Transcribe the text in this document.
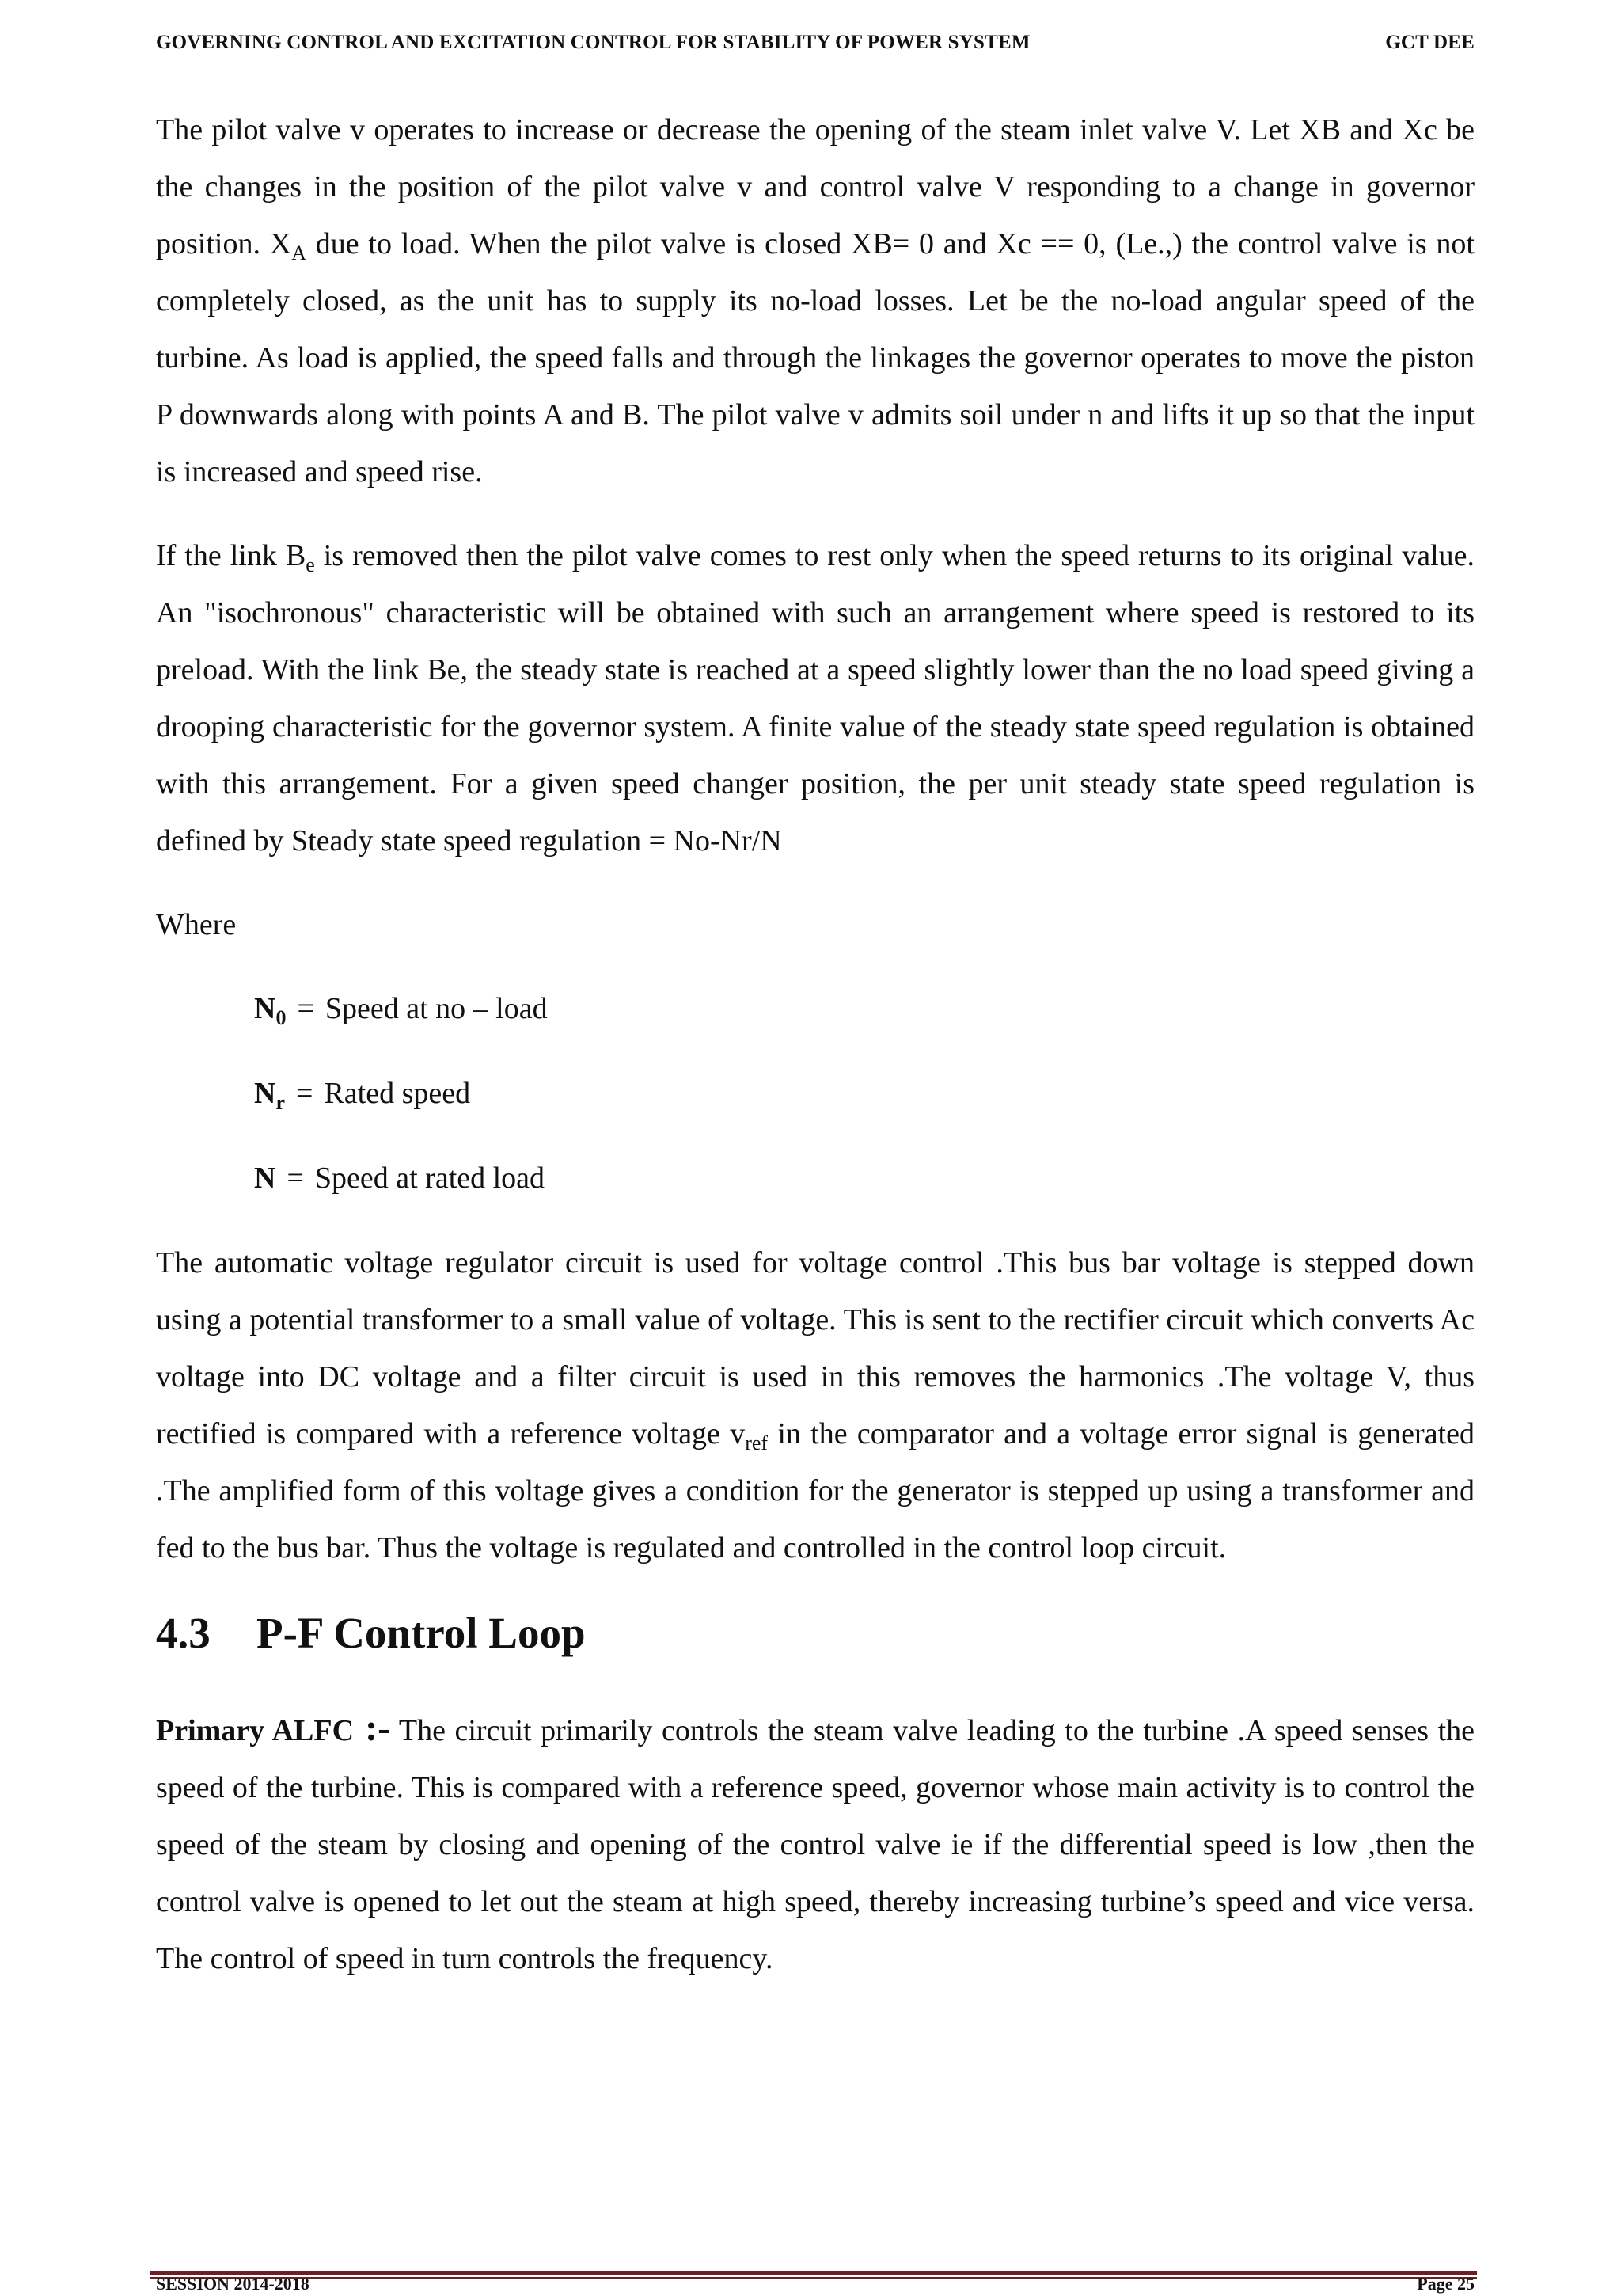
GOVERNING CONTROL AND EXCITATION CONTROL FOR STABILITY OF POWER SYSTEM	GCT DEE

The pilot valve v operates to increase or decrease the opening of the steam inlet valve V. Let XB and Xc be the changes in the position of the pilot valve v and control valve V responding to a change in governor position. $X_A$ due to load. When the pilot valve is closed XB= 0 and Xc == 0, (Le.,) the control valve is not completely closed, as the unit has to supply its no-load losses. Let be the no-load angular speed of the turbine. As load is applied, the speed falls and through the linkages the governor operates to move the piston P downwards along with points A and B. The pilot valve v admits soil under n and lifts it up so that the input is increased and speed rise.

If the link $B_e$ is removed then the pilot valve comes to rest only when the speed returns to its original value. An "isochronous" characteristic will be obtained with such an arrangement where speed is restored to its preload. With the link Be, the steady state is reached at a speed slightly lower than the no load speed giving a drooping characteristic for the governor system. A finite value of the steady state speed regulation is obtained with this arrangement. For a given speed changer position, the per unit steady state speed regulation is defined by Steady state speed regulation = No-Nr/N

Where

$N_0$ = Speed at no – load
$N_r$ = Rated speed
N = Speed at rated load

The automatic voltage regulator circuit is used for voltage control .This bus bar voltage is stepped down using a potential transformer to a small value of voltage. This is sent to the rectifier circuit which converts Ac voltage into DC voltage and a filter circuit is used in this removes the harmonics .The voltage V, thus rectified is compared with a reference voltage $v_{ref}$ in the comparator and a voltage error signal is generated .The amplified form of this voltage gives a condition for the generator is stepped up using a transformer and fed to the bus bar. Thus the voltage is regulated and controlled in the control loop circuit.

4.3 P-F Control Loop

Primary ALFC :- The circuit primarily controls the steam valve leading to the turbine .A speed senses the speed of the turbine. This is compared with a reference speed, governor whose main activity is to control the speed of the steam by closing and opening of the control valve ie if the differential speed is low ,then the control valve is opened to let out the steam at high speed, thereby increasing turbine’s speed and vice versa. The control of speed in turn controls the frequency.

SESSION 2014-2018	Page 25
